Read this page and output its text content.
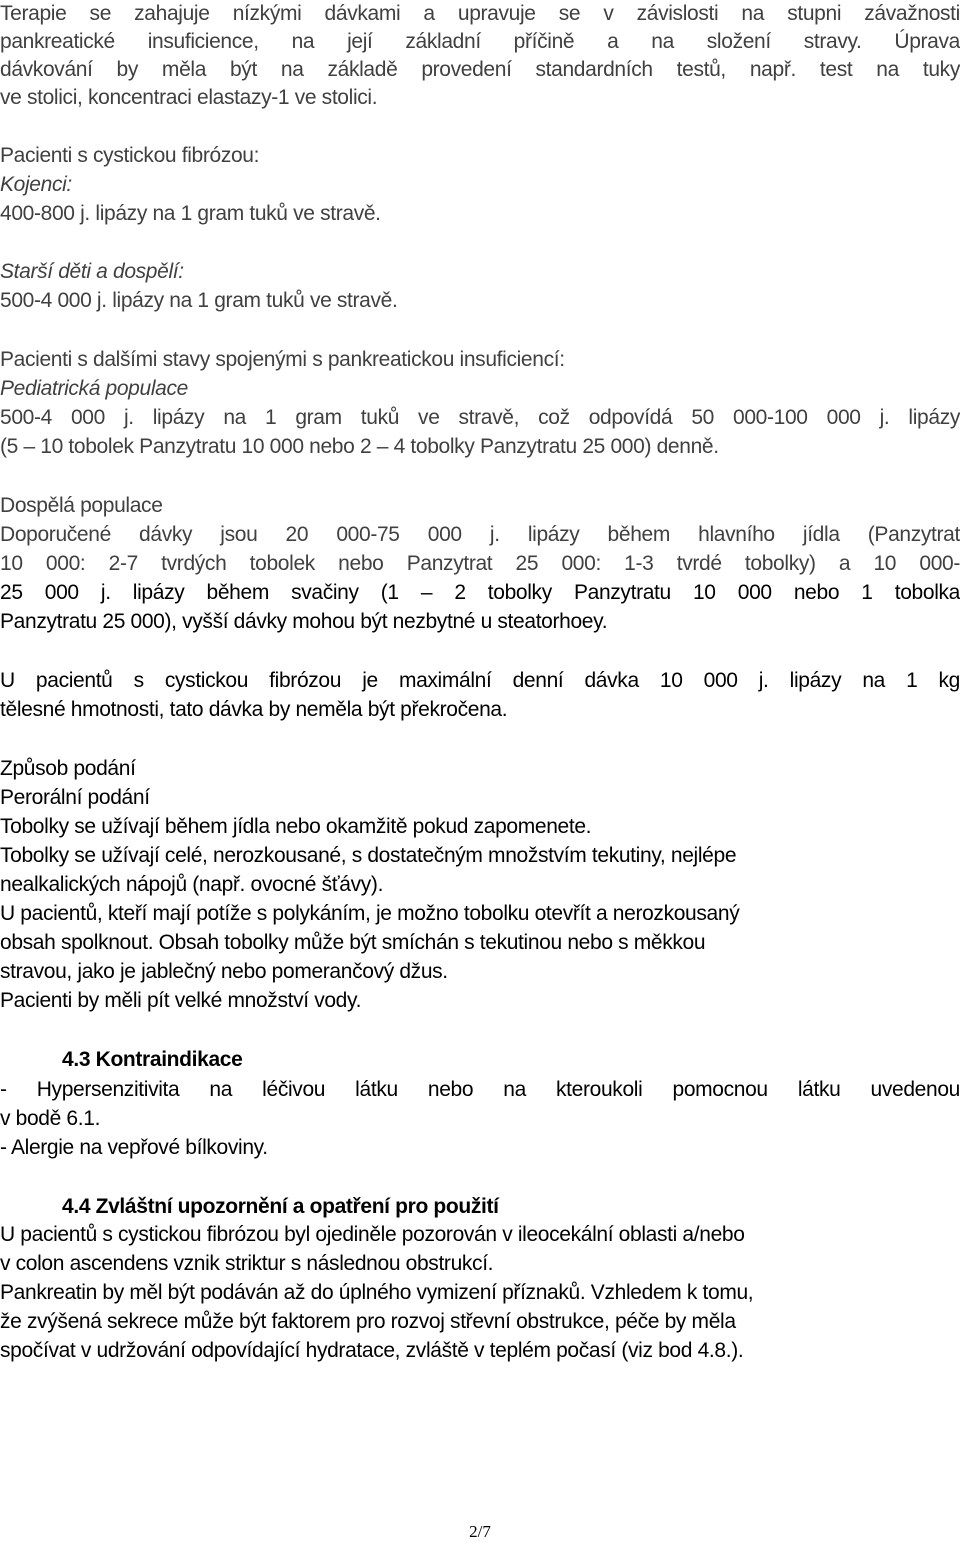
Terapie se zahajuje nízkými dávkami a upravuje se v závislosti na stupni závažnosti
pankreatické insuficience, na její základní příčině a na složení stravy. Úprava
dávkování by měla být na základě provedení standardních testů, např. test na tuky
ve stolici, koncentraci elastazy-1 ve stolici.
Pacienti s cystickou fibrózou:
Kojenci:
400-800 j. lipázy na 1 gram tuků ve stravě.
Starší děti a dospělí:
500-4 000 j. lipázy na 1 gram tuků ve stravě.
Pacienti s dalšími stavy spojenými s pankreatickou insuficiencí:
Pediatrická populace
500-4 000 j. lipázy na 1 gram tuků ve stravě, což odpovídá 50 000-100 000 j. lipázy
(5 – 10 tobolek Panzytratu 10 000 nebo 2 – 4 tobolky Panzytratu 25 000) denně.
Dospělá populace
Doporučené dávky jsou 20 000-75 000 j. lipázy během hlavního jídla (Panzytrat
10 000: 2-7 tvrdých tobolek nebo Panzytrat 25 000: 1-3 tvrdé tobolky) a 10 000-
25 000 j. lipázy během svačiny (1 – 2 tobolky Panzytratu 10 000 nebo 1 tobolka
Panzytratu 25 000), vyšší dávky mohou být nezbytné u steatorhoey.
U pacientů s cystickou fibrózou je maximální denní dávka 10 000 j. lipázy na 1 kg
tělesné hmotnosti, tato dávka by neměla být překročena.
Způsob podání
Perorální podání
Tobolky se užívají během jídla nebo okamžitě pokud zapomenete.
Tobolky se užívají celé, nerozkousané, s dostatečným množstvím tekutiny, nejlépe
nealkalických nápojů (např. ovocné šťávy).
U pacientů, kteří mají potíže s polykáním, je možno tobolku otevřít a nerozkousaný
obsah spolknout. Obsah tobolky může být smíchán s tekutinou nebo s měkkou
stravou, jako je jablečný nebo pomerančový džus.
Pacienti by měli pít velké množství vody.
4.3 Kontraindikace
- Hypersenzitivita na léčivou látku nebo na kteroukoli pomocnou látku uvedenou
v bodě 6.1.
- Alergie na vepřové bílkoviny.
4.4 Zvláštní upozornění a opatření pro použití
U pacientů s cystickou fibrózou byl ojediněle pozorován v ileocekální oblasti a/nebo
v colon ascendens vznik striktur s následnou obstrukcí.
Pankreatin by měl být podáván až do úplného vymizení příznaků. Vzhledem k tomu,
že zvýšená sekrece může být faktorem pro rozvoj střevní obstrukce, péče by měla
spočívat v udržování odpovídající hydratace, zvláště v teplém počasí (viz bod 4.8.).
2/7
